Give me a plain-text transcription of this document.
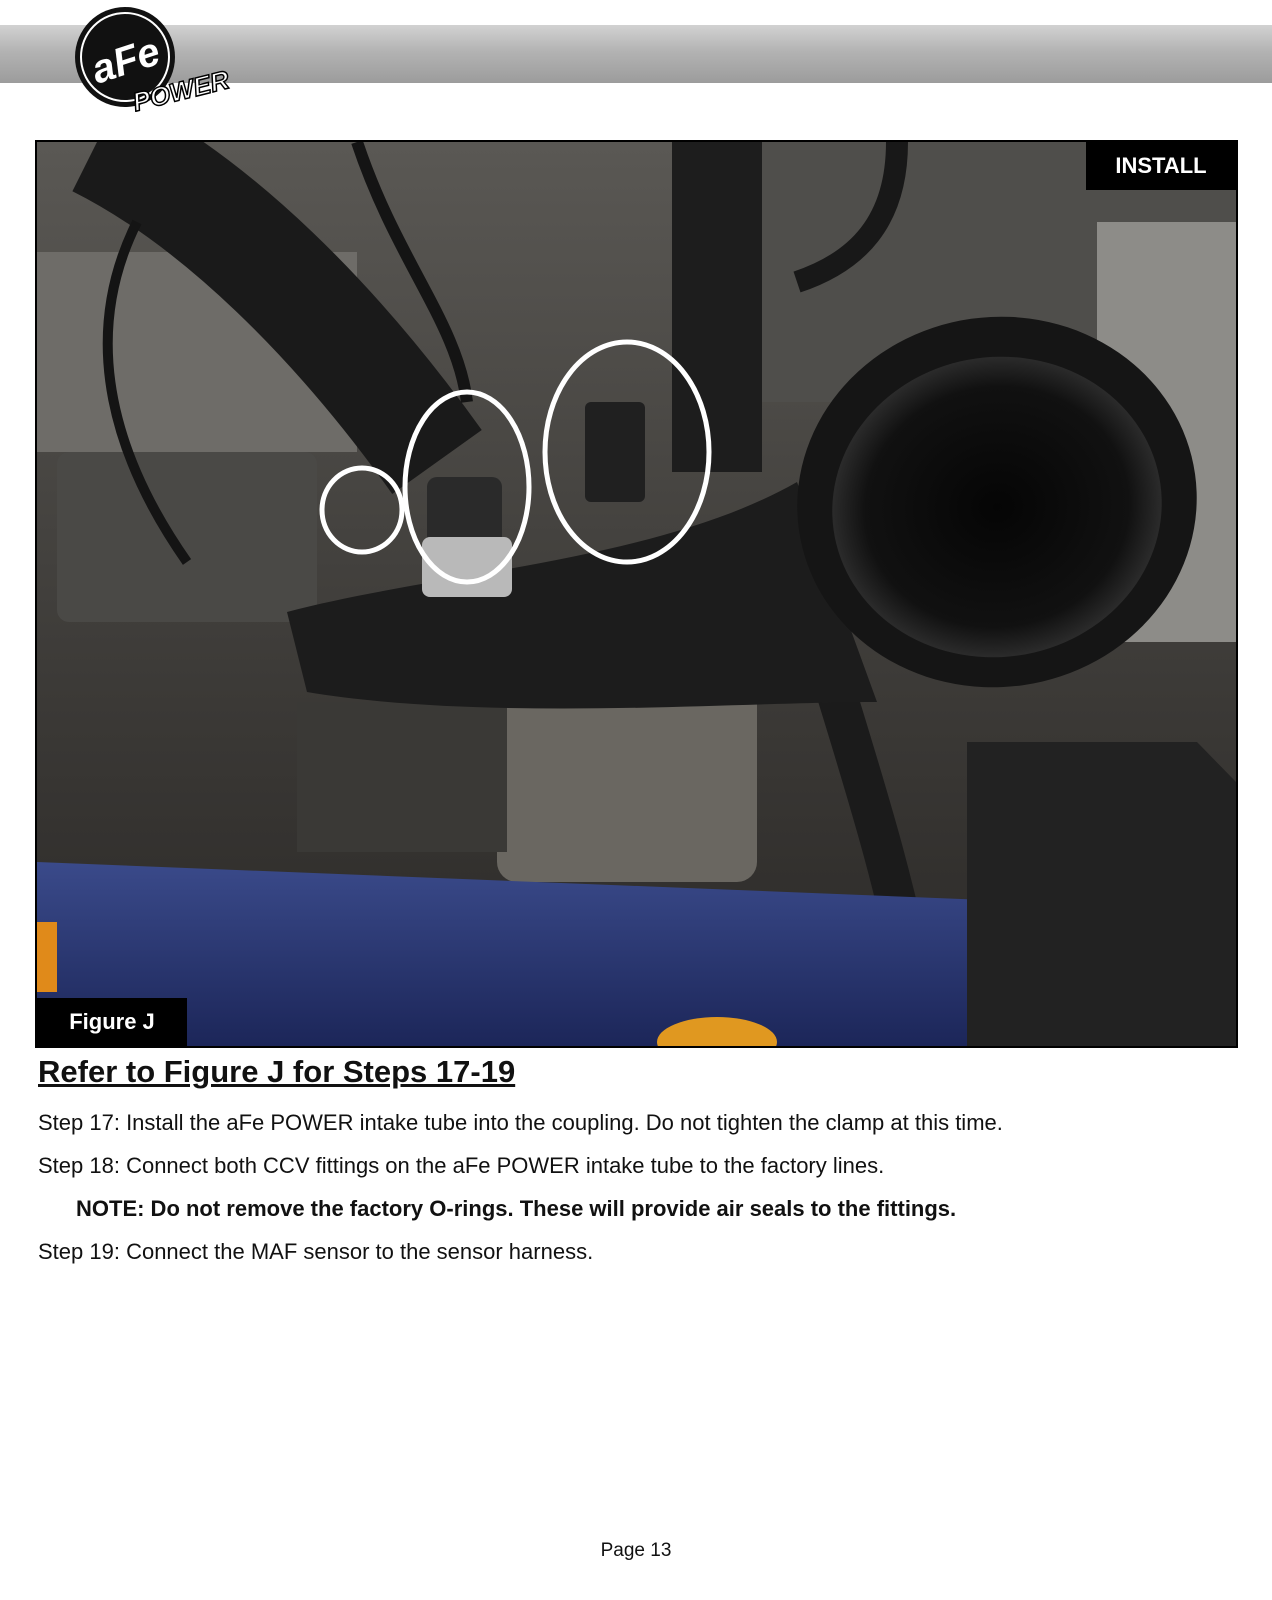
aFe
POWER
INSTALL
Figure J
Refer to Figure J for Steps 17-19
Step 17: Install the aFe POWER intake tube into the coupling. Do not tighten the clamp at this time.
Step 18: Connect both CCV fittings on the aFe POWER intake tube to the factory lines.
NOTE: Do not remove the factory O-rings. These will provide air seals to the fittings.
Step 19: Connect the MAF sensor to the sensor harness.
Page 13
